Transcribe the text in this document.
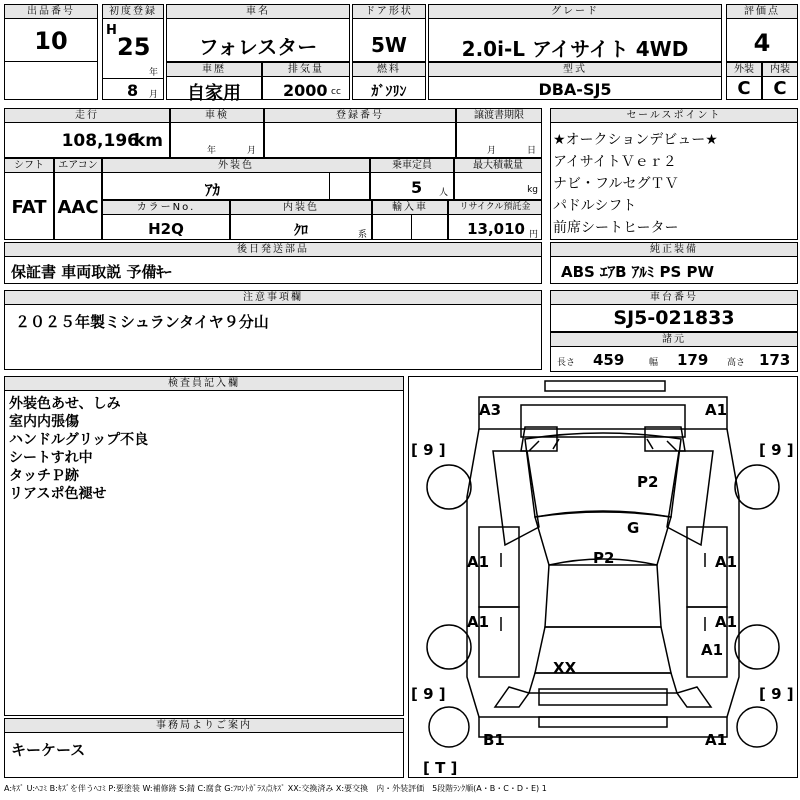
出品番号
10
初度登録
H
25
年
8 月
車名
フォレスター
ドア形状
5W
グレード
2.0i-L アイサイト 4WD
評価点
4
車歴
自家用
排気量
2000 cc
燃料
ｶﾞｿﾘﾝ
型式
DBA-SJ5
外装
C
内装
C
走行
108,196
km
車検
年	月
登録番号	譲渡書期限
月	日
セールスポイント
★オークションデビュー★
アイサイトＶｅｒ２
ナビ・フルセグＴＶ
パドルシフト
前席シートヒーター
シフト
FAT
エアコン
AAC
外装色
ｱｶ
乗車定員
5 人
最大積載量
kg
カラーNo.
H2Q
内装色
ｸﾛ	系
輸入車	リサイクル預託金
13,010 円
後日発送部品
保証書 車両取説 予備ｷｰ
純正装備
ABS ｴｱB ｱﾙﾐ PS PW
注意事項欄
２０２５年製ミシュランタイヤ９分山
車台番号
SJ5-021833
諸元
長さ 459	幅 179 高さ 173
検査員記入欄
外装色あせ、しみ
室内内張傷
ハンドルグリップ不良
シートすれ中
タッチＰ跡
リアスポ色褪せ
事務局よりご案内
キーケース
A3	A1
P2
G
P2
A1	A1
A1	A1
A1
XX
B1	A1
[ 9 ]	[ 9 ]
[ 9 ]	[ 9 ]
[ T ]
A:ｷｽﾞ U:ﾍｺﾐ B:ｷｽﾞを伴うﾍｺﾐ P:要塗装 W:補修跡 S:錆 C:腐食 G:ﾌﾛﾝﾄｶﾞﾗｽ点ｷｽﾞ XX:交換済み X:要交換　内・外装評価　5段階ﾗﾝｸ順(A・B・C・D・E) 1
